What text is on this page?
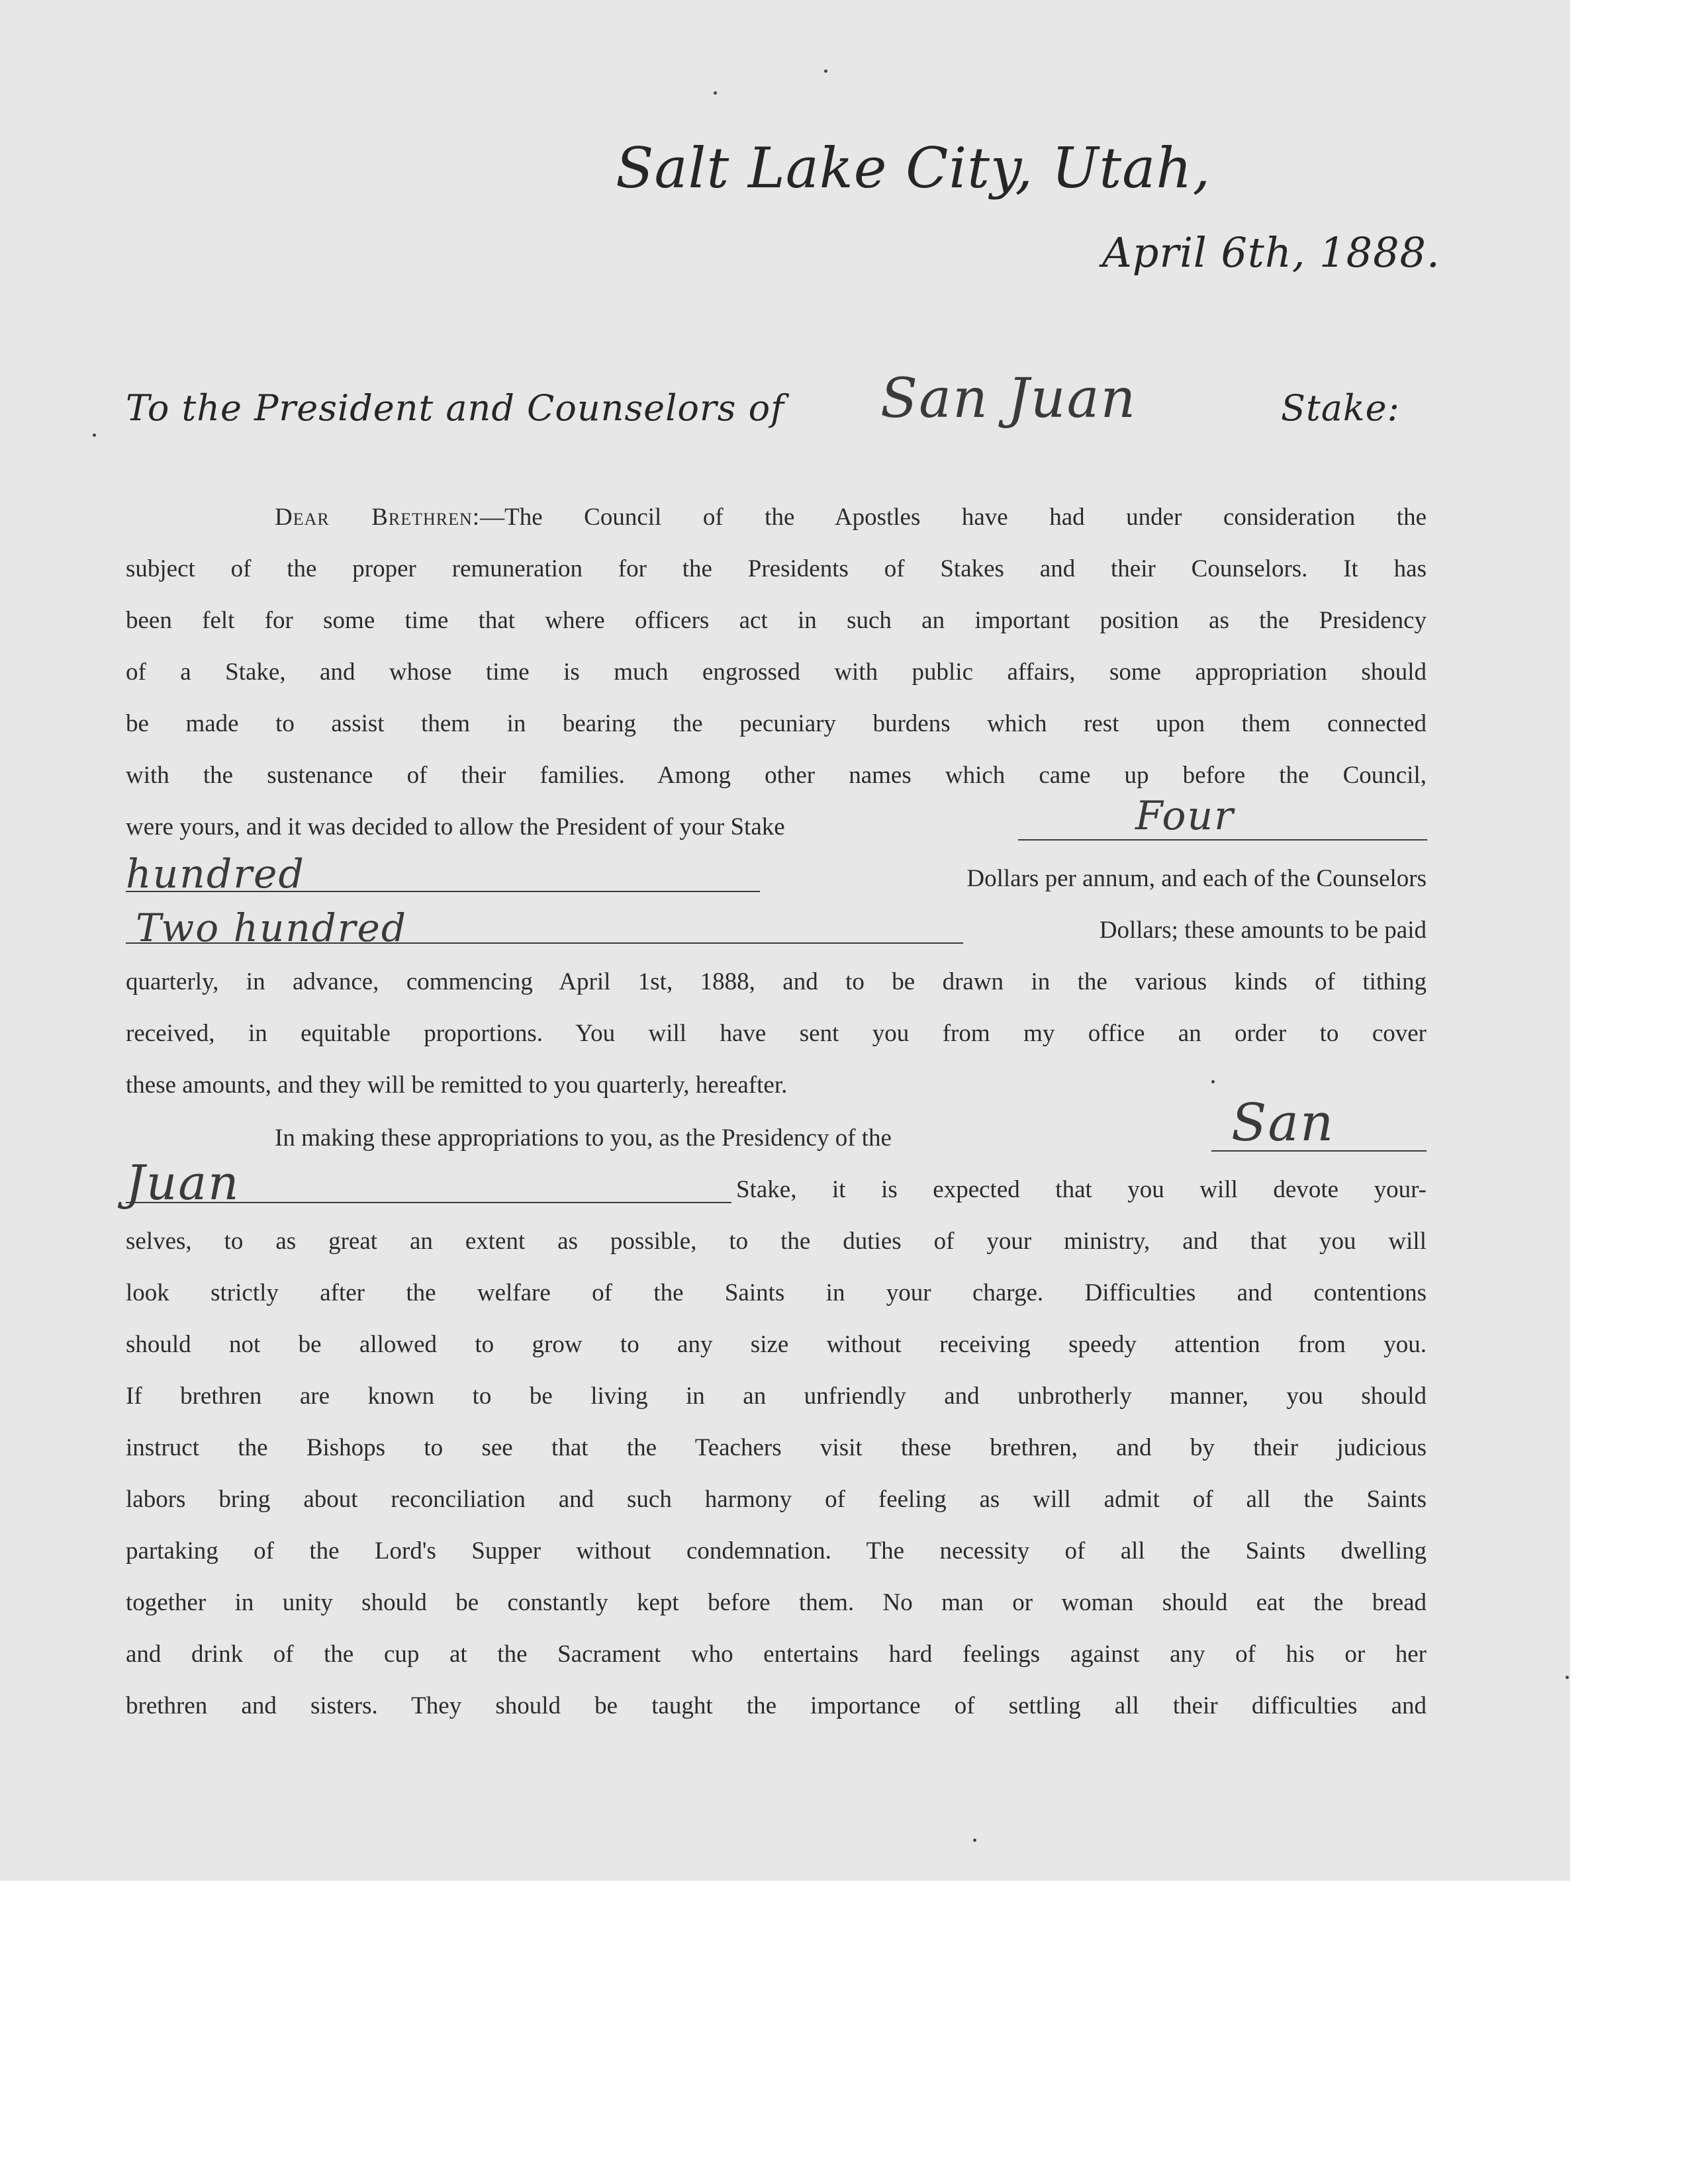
Salt Lake City, Utah,
April 6th, 1888.
To the President and Counselors of San Juan	Stake:
Dear Brethren:—The Council of the Apostles have had under consideration the
subject of the proper remuneration for the Presidents of Stakes and their Counselors. It has
been felt for some time that where officers act in such an important position as the Presidency
of a Stake, and whose time is much engrossed with public affairs, some appropriation should
be made to assist them in bearing the pecuniary burdens which rest upon them connected
with the sustenance of their families. Among other names which came up before the Council,
were yours, and it was decided to allow the President of your Stake	Four
hundred	Dollars per annum, and each of the Counselors
Two hundred	Dollars; these amounts to be paid
quarterly, in advance, commencing April 1st, 1888, and to be drawn in the various kinds of tithing
received, in equitable proportions. You will have sent you from my office an order to cover
these amounts, and they will be remitted to you quarterly, hereafter.
In making these appropriations to you, as the Presidency of the	San
Juan	Stake, it is expected that you will devote your-
selves, to as great an extent as possible, to the duties of your ministry, and that you will
look strictly after the welfare of the Saints in your charge. Difficulties and contentions
should not be allowed to grow to any size without receiving speedy attention from you.
If brethren are known to be living in an unfriendly and unbrotherly manner, you should
instruct the Bishops to see that the Teachers visit these brethren, and by their judicious
labors bring about reconciliation and such harmony of feeling as will admit of all the Saints
partaking of the Lord's Supper without condemnation. The necessity of all the Saints dwelling
together in unity should be constantly kept before them. No man or woman should eat the bread
and drink of the cup at the Sacrament who entertains hard feelings against any of his or her
brethren and sisters. They should be taught the importance of settling all their difficulties and
